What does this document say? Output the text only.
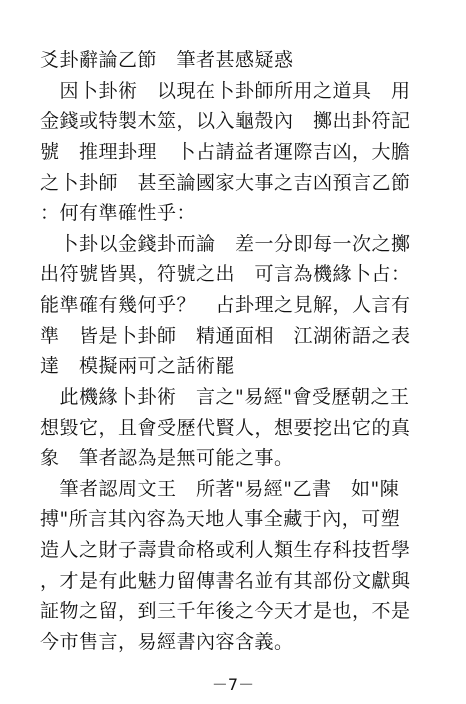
爻卦辭論乙節　筆者甚感疑惑
　因卜卦術　以現在卜卦師所用之道具　用
金錢或特製木筮，以入龜殼內　擲出卦符記
號　推理卦理　卜占請益者運際吉凶，大膽
之卜卦師　甚至論國家大事之吉凶預言乙節
：何有準確性乎：
　卜卦以金錢卦而論　差一分即每一次之擲
出符號皆異，符號之出　可言為機緣卜占：
能準確有幾何乎？　占卦理之見解，人言有
準　皆是卜卦師　精通面相　江湖術語之表
達　模擬兩可之話術罷
　此機緣卜卦術　言之"易經"會受歷朝之王
想毀它，且會受歷代賢人，想要挖出它的真
象　筆者認為是無可能之事。
　筆者認周文王　所著"易經"乙書　如"陳
搏"所言其內容為天地人事全藏于內，可塑
造人之財子壽貴命格或利人類生存科技哲學
，才是有此魅力留傳書名並有其部份文獻與
証物之留，到三千年後之今天才是也，不是
今市售言，易經書內容含義。
－7－
